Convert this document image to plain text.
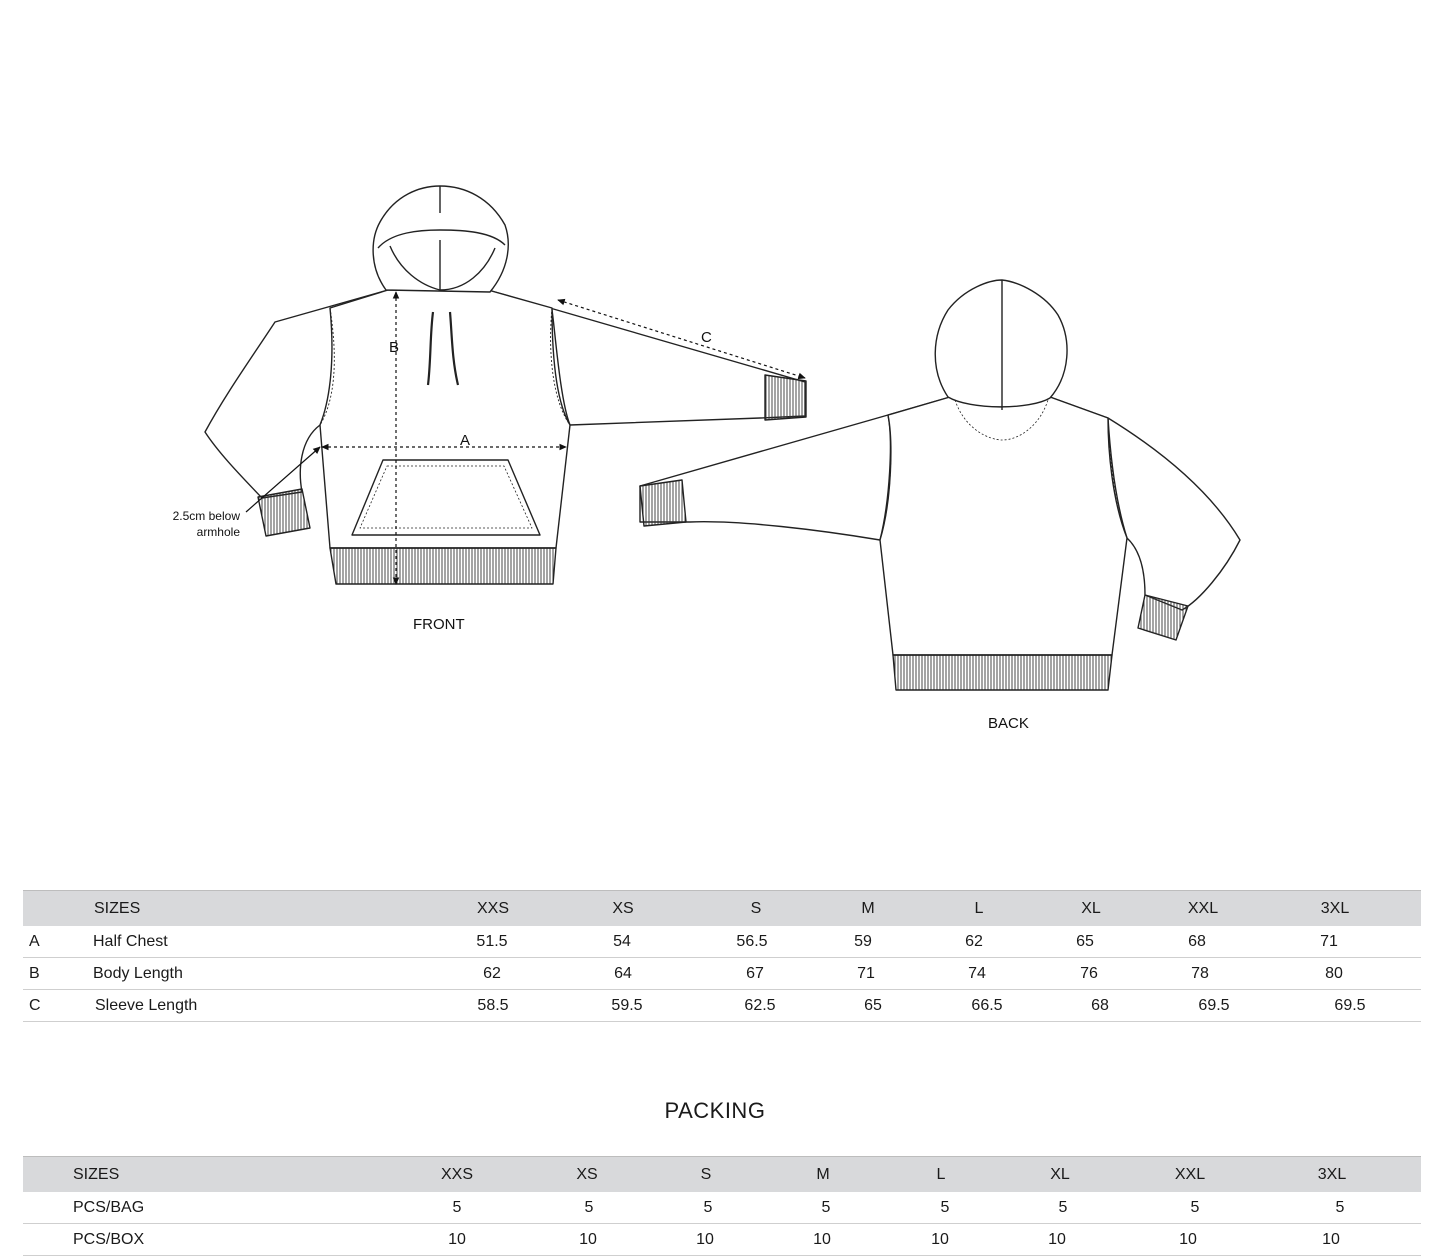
B
A
C
2.5cm below
armhole
FRONT
BACK
SIZES	XXS	XS	S	M	L	XL	XXL	3XL
A	Half Chest	51.5	54	56.5	59	62	65	68	71
B	Body Length	62	64	67	71	74	76	78	80
C	Sleeve Length	58.5	59.5	62.5	65	66.5	68	69.5	69.5
PACKING
SIZES	XXS	XS	S	M	L	XL	XXL	3XL
PCS/BAG	5	5	5	5	5	5	5	5
PCS/BOX	10	10	10	10	10	10	10	10
